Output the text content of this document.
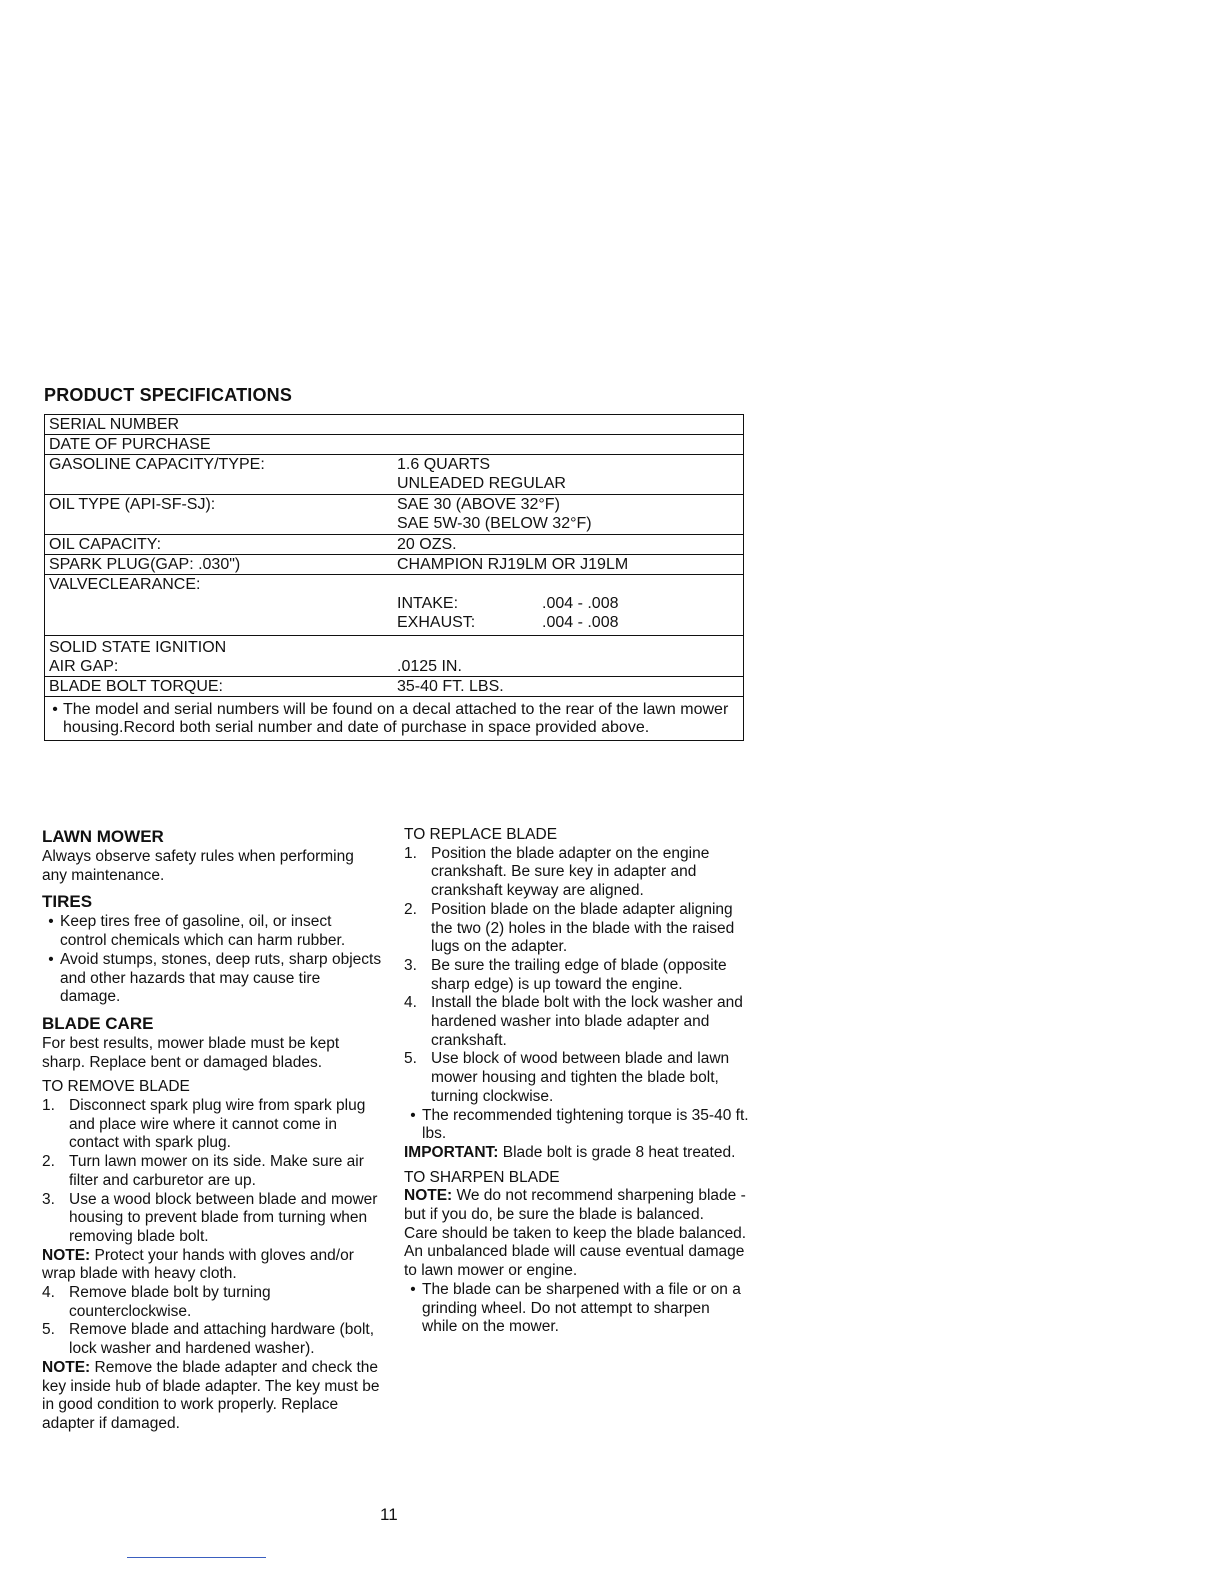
PRODUCT SPECIFICATIONS
SERIAL NUMBER

DATE OF PURCHASE

GASOLINE CAPACITY/TYPE:	1.6 QUARTS
UNLEADED REGULAR
OIL TYPE (API-SF-SJ):	SAE 30 (ABOVE 32°F)
SAE 5W-30 (BELOW 32°F)
OIL CAPACITY:	20 OZS.
SPARK PLUG(GAP: .030")	CHAMPION RJ19LM OR J19LM
VALVECLEARANCE:
INTAKE:	.004 - .008
EXHAUST:	.004 - .008
SOLID STATE IGNITION
AIR GAP:	.0125 IN.
BLADE BOLT TORQUE:	35-40 FT. LBS.
• The model and serial numbers will be found on a decal attached to the rear of the lawn mower housing.Record both serial number and date of purchase in space provided above.
LAWN MOWER

Always observe safety rules when performing any maintenance.

TIRES
• Keep tires free of gasoline, oil, or insect control chemicals which can harm rubber.
• Avoid stumps, stones, deep ruts, sharp objects and other hazards that may cause tire damage.
BLADE CARE

For best results, mower blade must be kept sharp. Replace bent or damaged blades.

TO REMOVE BLADE
1. Disconnect spark plug wire from spark plug and place wire where it cannot come in contact with spark plug.
2. Turn lawn mower on its side. Make sure air filter and carburetor are up.
3. Use a wood block between blade and mower housing to prevent blade from turning when removing blade bolt.

NOTE: Protect your hands with gloves and/or wrap blade with heavy cloth.

4. Remove blade bolt by turning counterclockwise.
5. Remove blade and attaching hardware (bolt, lock washer and hardened washer).

NOTE: Remove the blade adapter and check the key inside hub of blade adapter. The key must be in good condition to work properly. Replace adapter if damaged.

TO REPLACE BLADE
1. Position the blade adapter on the engine crankshaft. Be sure key in adapter and crankshaft keyway are aligned.
2. Position blade on the blade adapter aligning the two (2) holes in the blade with the raised lugs on the adapter.
3. Be sure the trailing edge of blade (opposite sharp edge) is up toward the engine.
4. Install the blade bolt with the lock washer and hardened washer into blade adapter and crankshaft.
5. Use block of wood between blade and lawn mower housing and tighten the blade bolt, turning clockwise.
• The recommended tightening torque is 35-40 ft. lbs.

IMPORTANT: Blade bolt is grade 8 heat treated.

TO SHARPEN BLADE

NOTE: We do not recommend sharpening blade - but if you do, be sure the blade is balanced.

Care should be taken to keep the blade balanced. An unbalanced blade will cause eventual damage to lawn mower or engine.

• The blade can be sharpened with a file or on a grinding wheel. Do not attempt to sharpen while on the mower.
11
